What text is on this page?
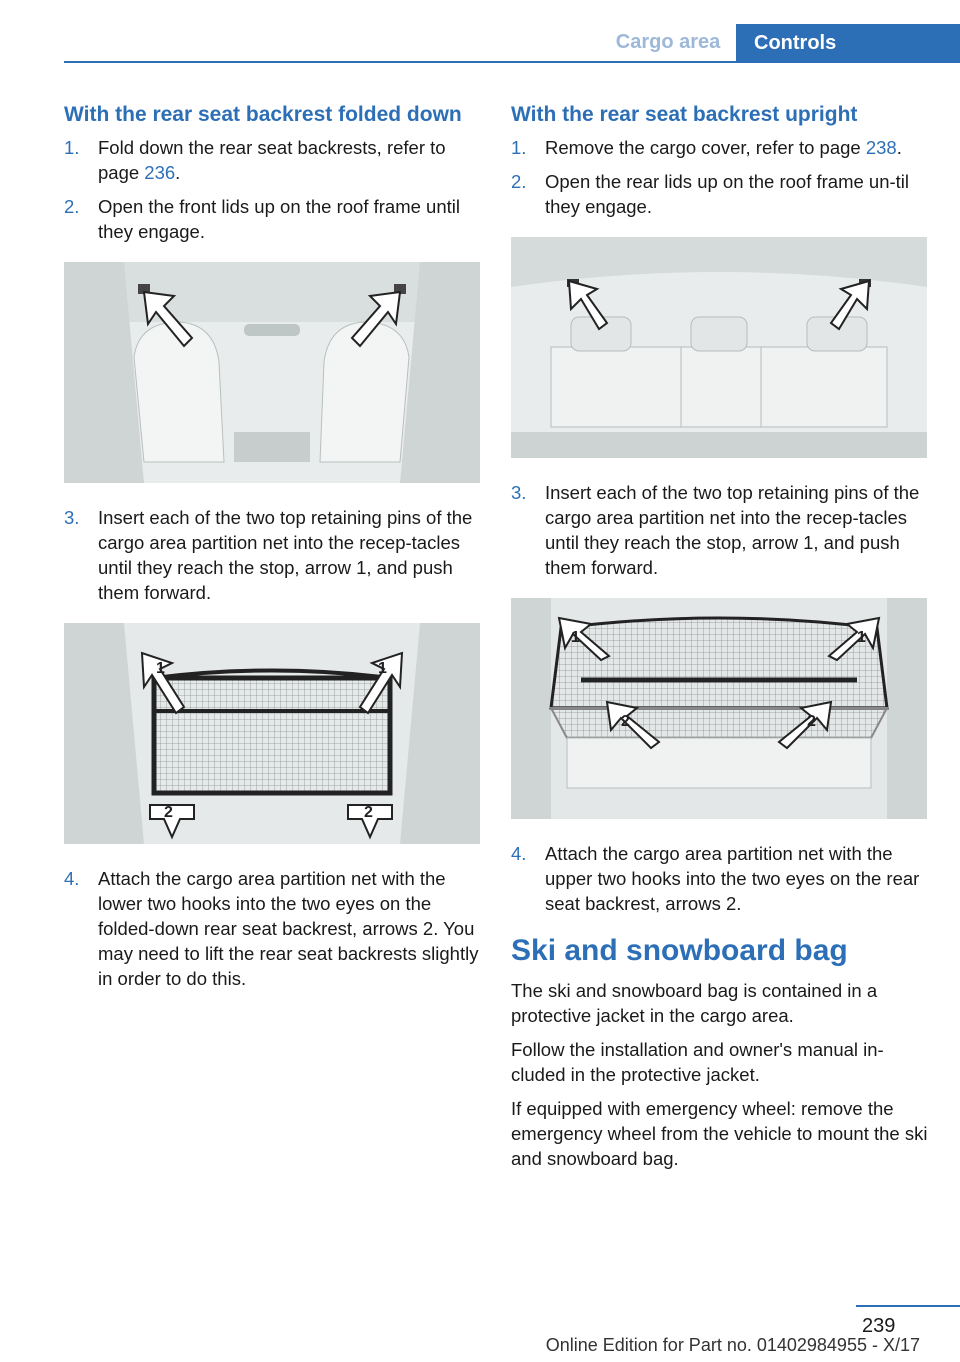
Cargo area	Controls
With the rear seat backrest folded down
1. Fold down the rear seat backrests, refer to page 236.
2. Open the front lids up on the roof frame until they engage.
3. Insert each of the two top retaining pins of the cargo area partition net into the recep‐tacles until they reach the stop, arrow 1, and push them forward.
1	1
2	2
4. Attach the cargo area partition net with the lower two hooks into the two eyes on the folded-down rear seat backrest, arrows 2. You may need to lift the rear seat backrests slightly in order to do this.
With the rear seat backrest upright
1. Remove the cargo cover, refer to page 238.
2. Open the rear lids up on the roof frame un‐til they engage.
3. Insert each of the two top retaining pins of the cargo area partition net into the recep‐tacles until they reach the stop, arrow 1, and push them forward.
1	1
2	2
4. Attach the cargo area partition net with the upper two hooks into the two eyes on the rear seat backrest, arrows 2.
Ski and snowboard bag

The ski and snowboard bag is contained in a protective jacket in the cargo area.

Follow the installation and owner's manual in‐cluded in the protective jacket.

If equipped with emergency wheel: remove the emergency wheel from the vehicle to mount the ski and snowboard bag.

239
Online Edition for Part no. 01402984955 - X/17
